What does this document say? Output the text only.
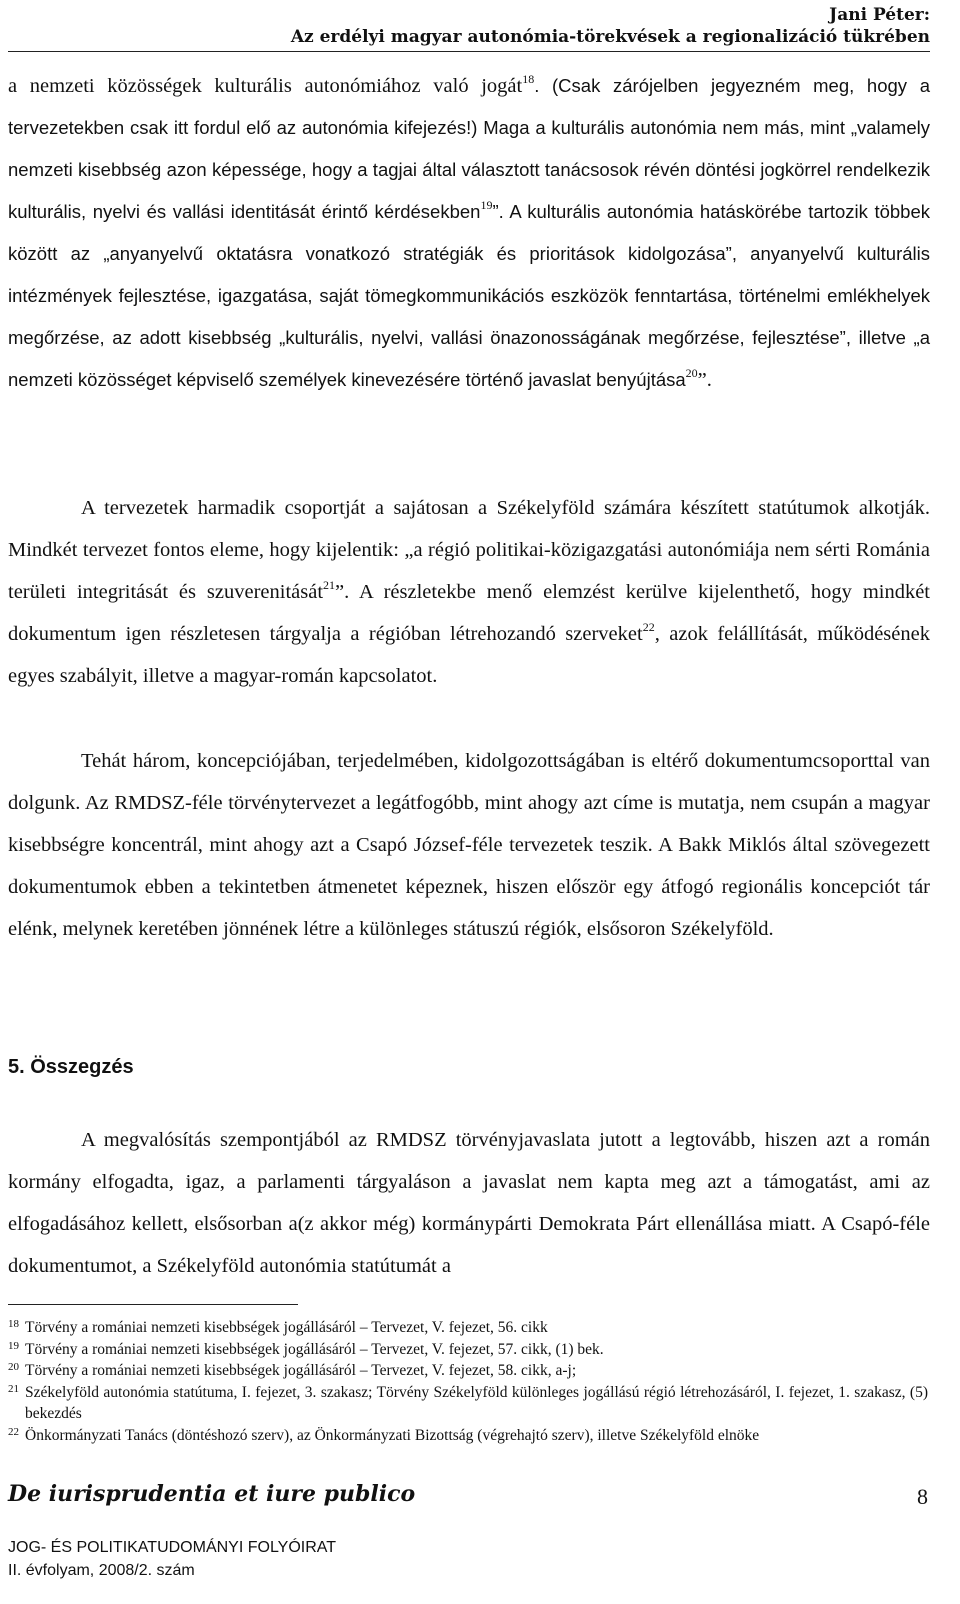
Jani Péter:
Az erdélyi magyar autonómia-törekvések a regionalizáció tükrében

a nemzeti közösségek kulturális autonómiához való jogát$^{18}$. (Csak zárójelben jegyezném meg, hogy a tervezetekben csak itt fordul elő az autonómia kifejezés!) Maga a kulturális autonómia nem más, mint „valamely nemzeti kisebbség azon képessége, hogy a tagjai által választott tanácsosok révén döntési jogkörrel rendelkezik kulturális, nyelvi és vallási identitását érintő kérdésekben$^{19}$”. A kulturális autonómia hatáskörébe tartozik többek között az „anyanyelvű oktatásra vonatkozó stratégiák és prioritások kidolgozása”, anyanyelvű kulturális intézmények fejlesztése, igazgatása, saját tömegkommunikációs eszközök fenntartása, történelmi emlékhelyek megőrzése, az adott kisebbség „kulturális, nyelvi, vallási önazonosságának megőrzése, fejlesztése”, illetve „a nemzeti közösséget képviselő személyek kinevezésére történő javaslat benyújtása$^{20}$”.

A tervezetek harmadik csoportját a sajátosan a Székelyföld számára készített statútumok alkotják. Mindkét tervezet fontos eleme, hogy kijelentik: „a régió politikai-közigazgatási autonómiája nem sérti Románia területi integritását és szuverenitását$^{21}$”. A részletekbe menő elemzést kerülve kijelenthető, hogy mindkét dokumentum igen részletesen tárgyalja a régióban létrehozandó szerveket$^{22}$, azok felállítását, működésének egyes szabályit, illetve a magyar-román kapcsolatot.

Tehát három, koncepciójában, terjedelmében, kidolgozottságában is eltérő dokumentumcsoporttal van dolgunk. Az RMDSZ-féle törvénytervezet a legátfogóbb, mint ahogy azt címe is mutatja, nem csupán a magyar kisebbségre koncentrál, mint ahogy azt a Csapó József-féle tervezetek teszik. A Bakk Miklós által szövegezett dokumentumok ebben a tekintetben átmenetet képeznek, hiszen először egy átfogó regionális koncepciót tár elénk, melynek keretében jönnének létre a különleges státuszú régiók, elsősoron Székelyföld.

5. Összegzés

A megvalósítás szempontjából az RMDSZ törvényjavaslata jutott a legtovább, hiszen azt a román kormány elfogadta, igaz, a parlamenti tárgyaláson a javaslat nem kapta meg azt a támogatást, ami az elfogadásához kellett, elsősorban a(z akkor még) kormánypárti Demokrata Párt ellenállása miatt. A Csapó-féle dokumentumot, a Székelyföld autonómia statútumát a

18 Törvény a romániai nemzeti kisebbségek jogállásáról – Tervezet, V. fejezet, 56. cikk
19 Törvény a romániai nemzeti kisebbségek jogállásáról – Tervezet, V. fejezet, 57. cikk, (1) bek.
20 Törvény a romániai nemzeti kisebbségek jogállásáról – Tervezet, V. fejezet, 58. cikk, a-j;
21 Székelyföld autonómia statútuma, I. fejezet, 3. szakasz; Törvény Székelyföld különleges jogállású régió létrehozásáról, I. fejezet, 1. szakasz, (5) bekezdés
22 Önkormányzati Tanács (döntéshozó szerv), az Önkormányzati Bizottság (végrehajtó szerv), illetve Székelyföld elnöke
De iurisprudentia et iure publico	8
JOG- ÉS POLITIKATUDOMÁNYI FOLYÓIRAT
II. évfolyam, 2008/2. szám
